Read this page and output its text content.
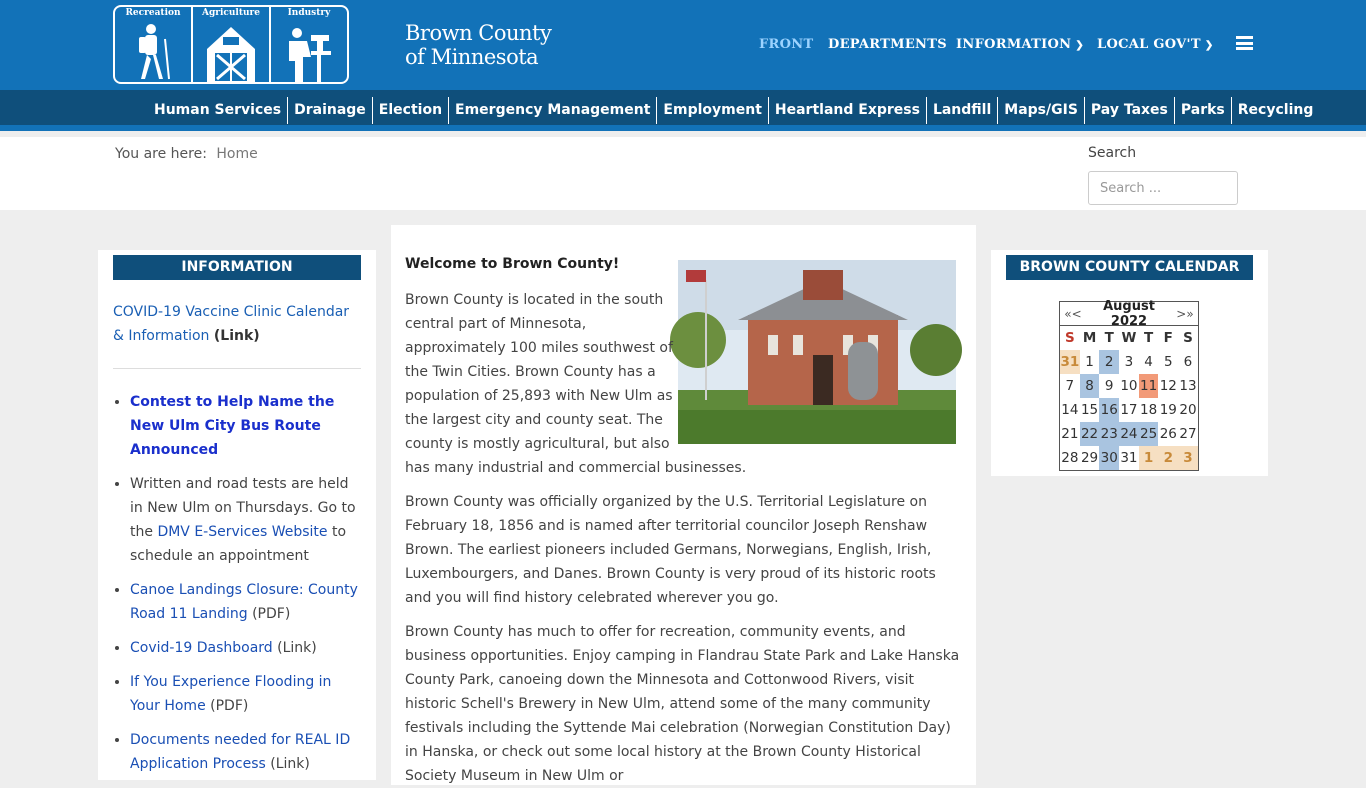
Recreation	Agriculture	Industry
Brown County
of Minnesota
FRONT DEPARTMENTS INFORMATION ❯ LOCAL GOV'T ❯
Human Services Drainage Election Emergency Management Employment Heartland Express Landfill Maps/GIS Pay Taxes Parks Recycling
You are here: Home	Search
Search ...
INFORMATION
COVID-19 Vaccine Clinic Calendar & Information (Link)
• Contest to Help Name the New Ulm City Bus Route Announced
• Written and road tests are held in New Ulm on Thursdays. Go to the DMV E-Services Website to schedule an appointment
• Canoe Landings Closure: County Road 11 Landing (PDF)
• Covid-19 Dashboard (Link)
• If You Experience Flooding in Your Home (PDF)
• Documents needed for REAL ID Application Process (Link)
Welcome to Brown County!
Brown County is located in the south central part of Minnesota, approximately 100 miles southwest of the Twin Cities. Brown County has a population of 25,893 with New Ulm as the largest city and county seat. The county is mostly agricultural, but also
has many industrial and commercial businesses.
Brown County was officially organized by the U.S. Territorial Legislature on February 18, 1856 and is named after territorial councilor Joseph Renshaw Brown. The earliest pioneers included Germans, Norwegians, English, Irish, Luxembourgers, and Danes. Brown County is very proud of its historic roots and you will find history celebrated wherever you go.
Brown County has much to offer for recreation, community events, and business opportunities. Enjoy camping in Flandrau State Park and Lake Hanska County Park, canoeing down the Minnesota and Cottonwood Rivers, visit historic Schell's Brewery in New Ulm, attend some of the many community festivals including the Syttende Mai celebration (Norwegian Constitution Day) in Hanska, or check out some local history at the Brown County Historical Society Museum in New Ulm or
BROWN COUNTY CALENDAR
«<	August 2022	>»
S M T W T F S
31 1 2 3 4 5 6
7 8 9 10 11 12 13
14 15 16 17 18 19 20
21 22 23 24 25 26 27
28 29 30 31 1 2 3
